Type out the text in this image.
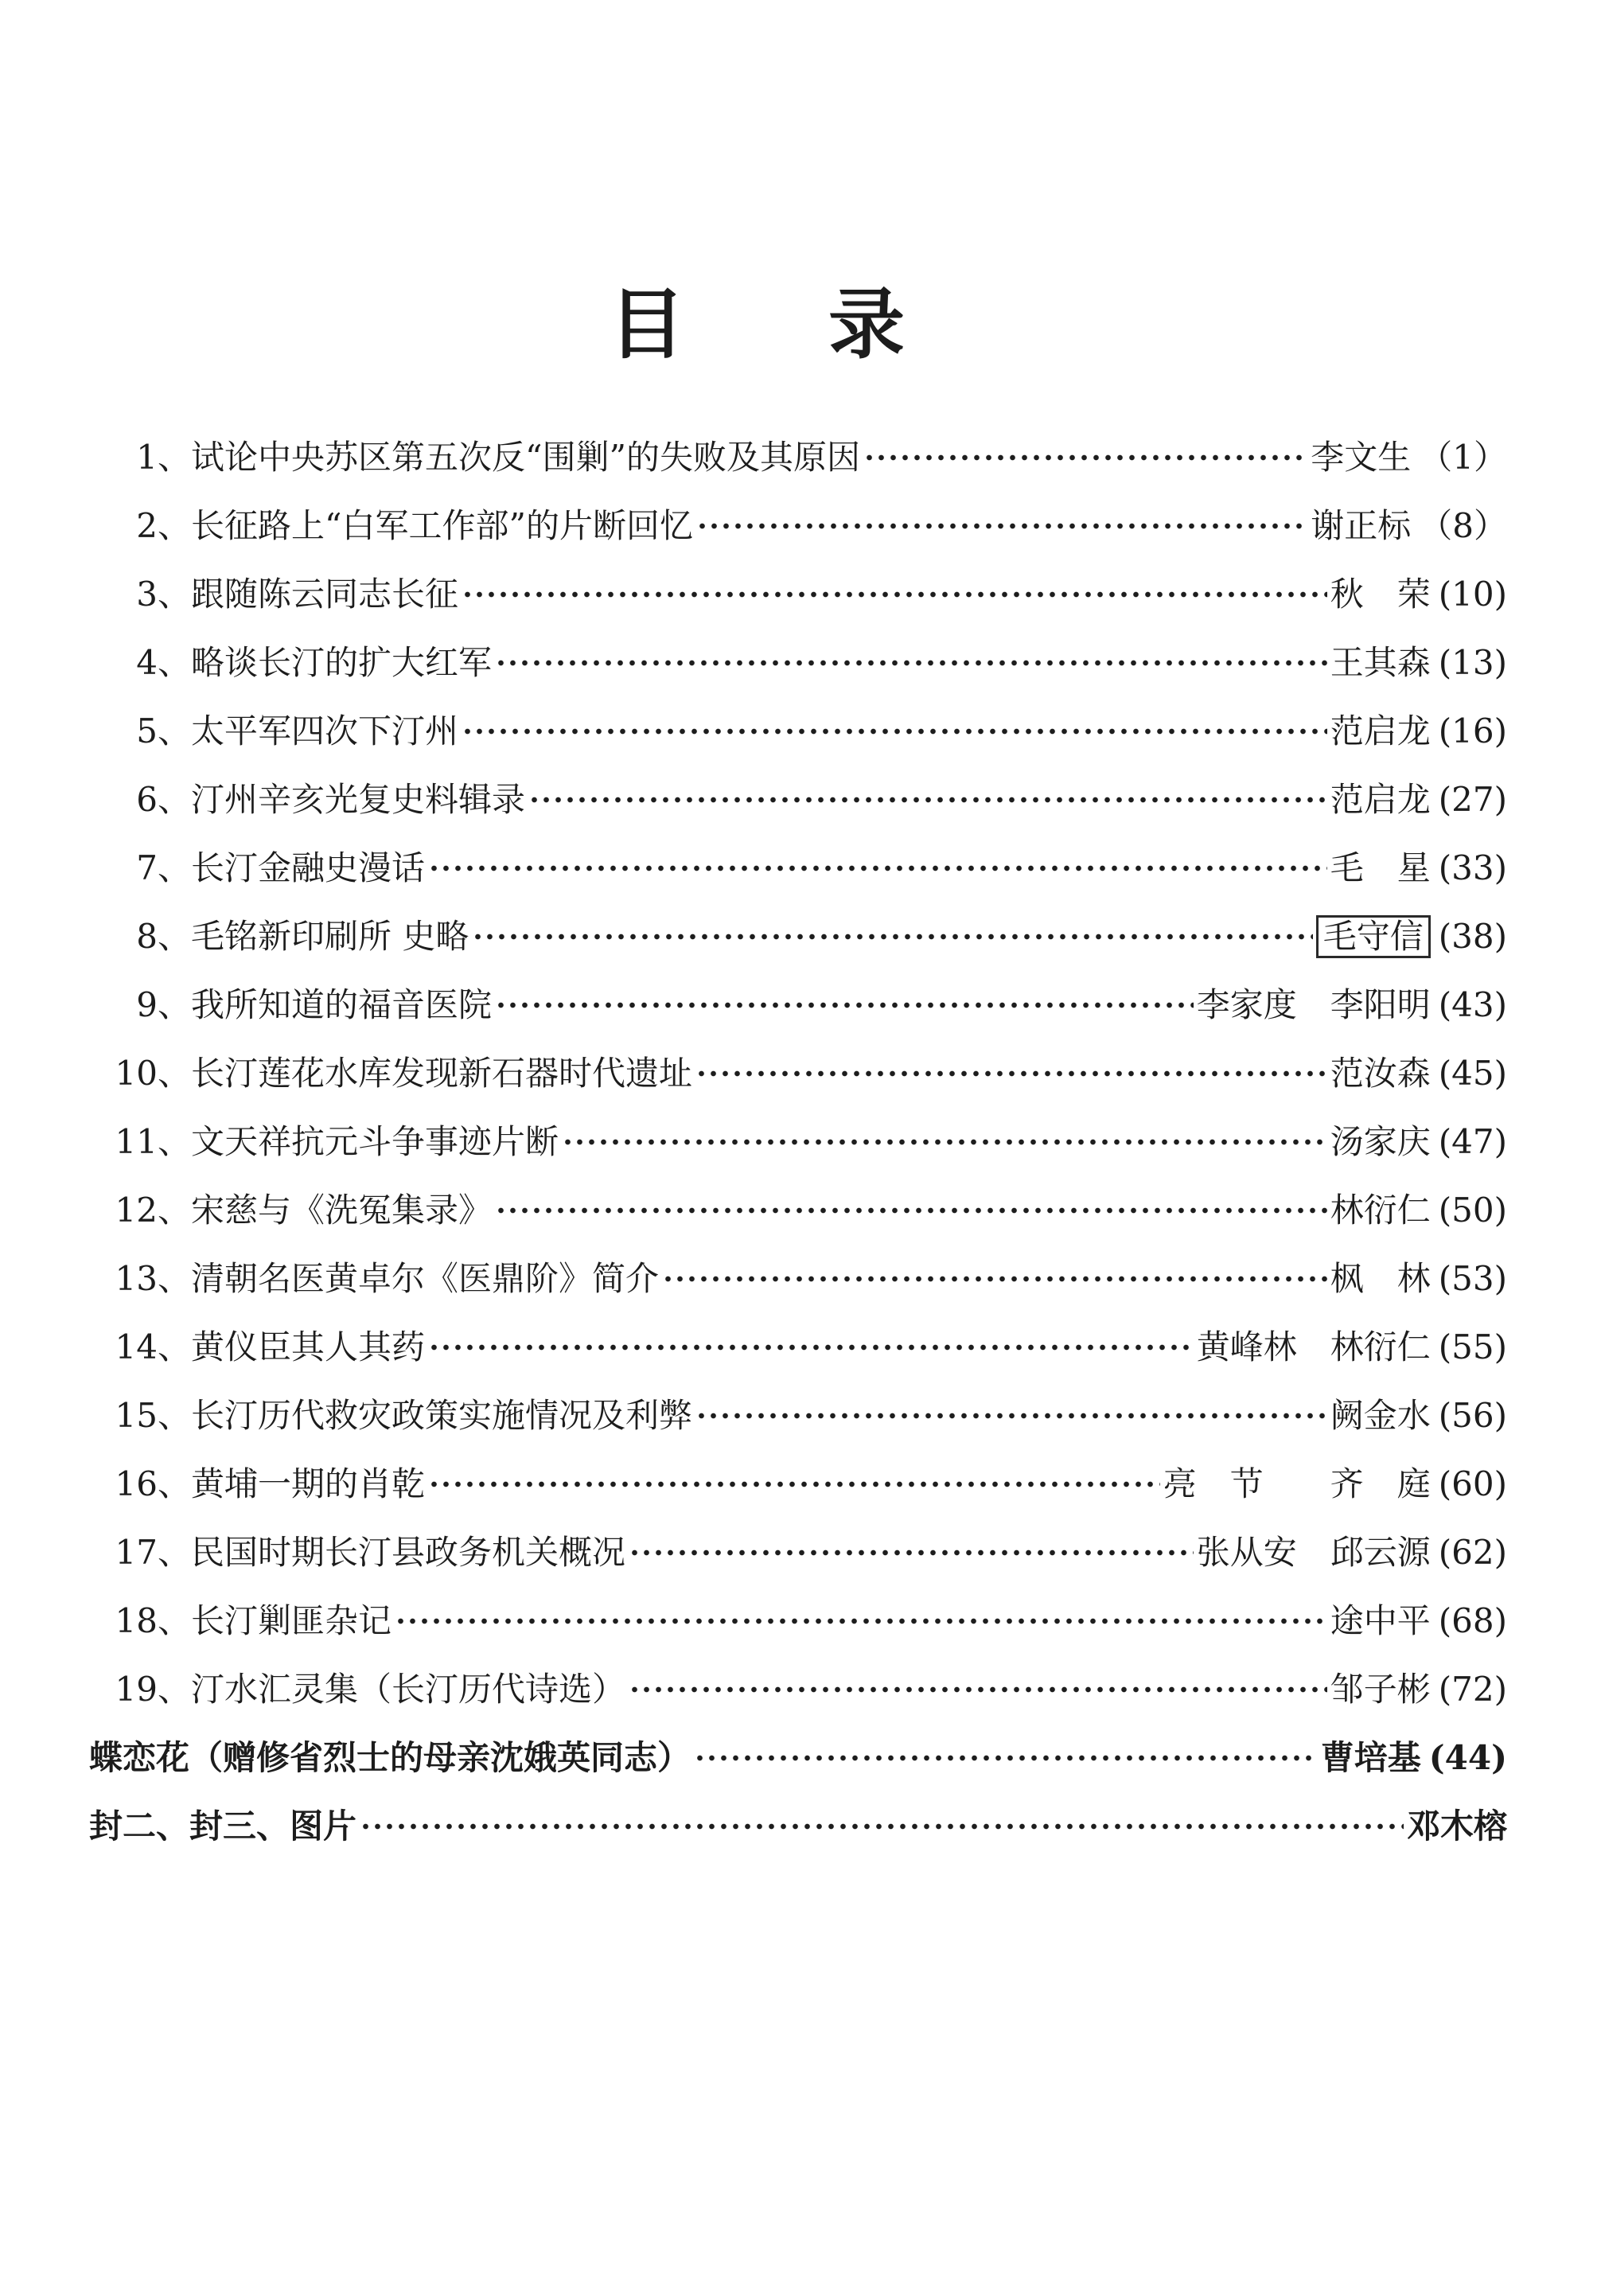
目 录
1、 试论中央苏区第五次反“围剿”的失败及其原因	李文生 （1）
2、 长征路上“白军工作部”的片断回忆	谢正标 （8）
3、 跟随陈云同志长征	秋　荣 (10)
4、 略谈长汀的扩大红军	王其森 (13)
5、 太平军四次下汀州	范启龙 (16)
6、 汀州辛亥光复史料辑录	范启龙 (27)
7、 长汀金融史漫话	毛　星 (33)
8、 毛铭新印刷所 史略	毛守信 (38)
9、 我所知道的福音医院	李家度　李阳明 (43)
10、 长汀莲花水库发现新石器时代遗址	范汝森 (45)
11、 文天祥抗元斗争事迹片断	汤家庆 (47)
12、 宋慈与《洗冤集录》	林衍仁 (50)
13、 清朝名医黄卓尔《医鼎阶》简介	枫　林 (53)
14、 黄仪臣其人其药	黄峰林　林衍仁 (55)
15、 长汀历代救灾政策实施情况及利弊	阙金水 (56)
16、 黄埔一期的肖乾	亮　节　　齐　庭 (60)
17、 民国时期长汀县政务机关概况	张从安　邱云源 (62)
18、 长汀剿匪杂记	途中平 (68)
19、 汀水汇灵集（长汀历代诗选）	邹子彬 (72)
蝶恋花（赠修省烈士的母亲沈娥英同志）	曹培基 (44)
封二、封三、图片	邓木榕
